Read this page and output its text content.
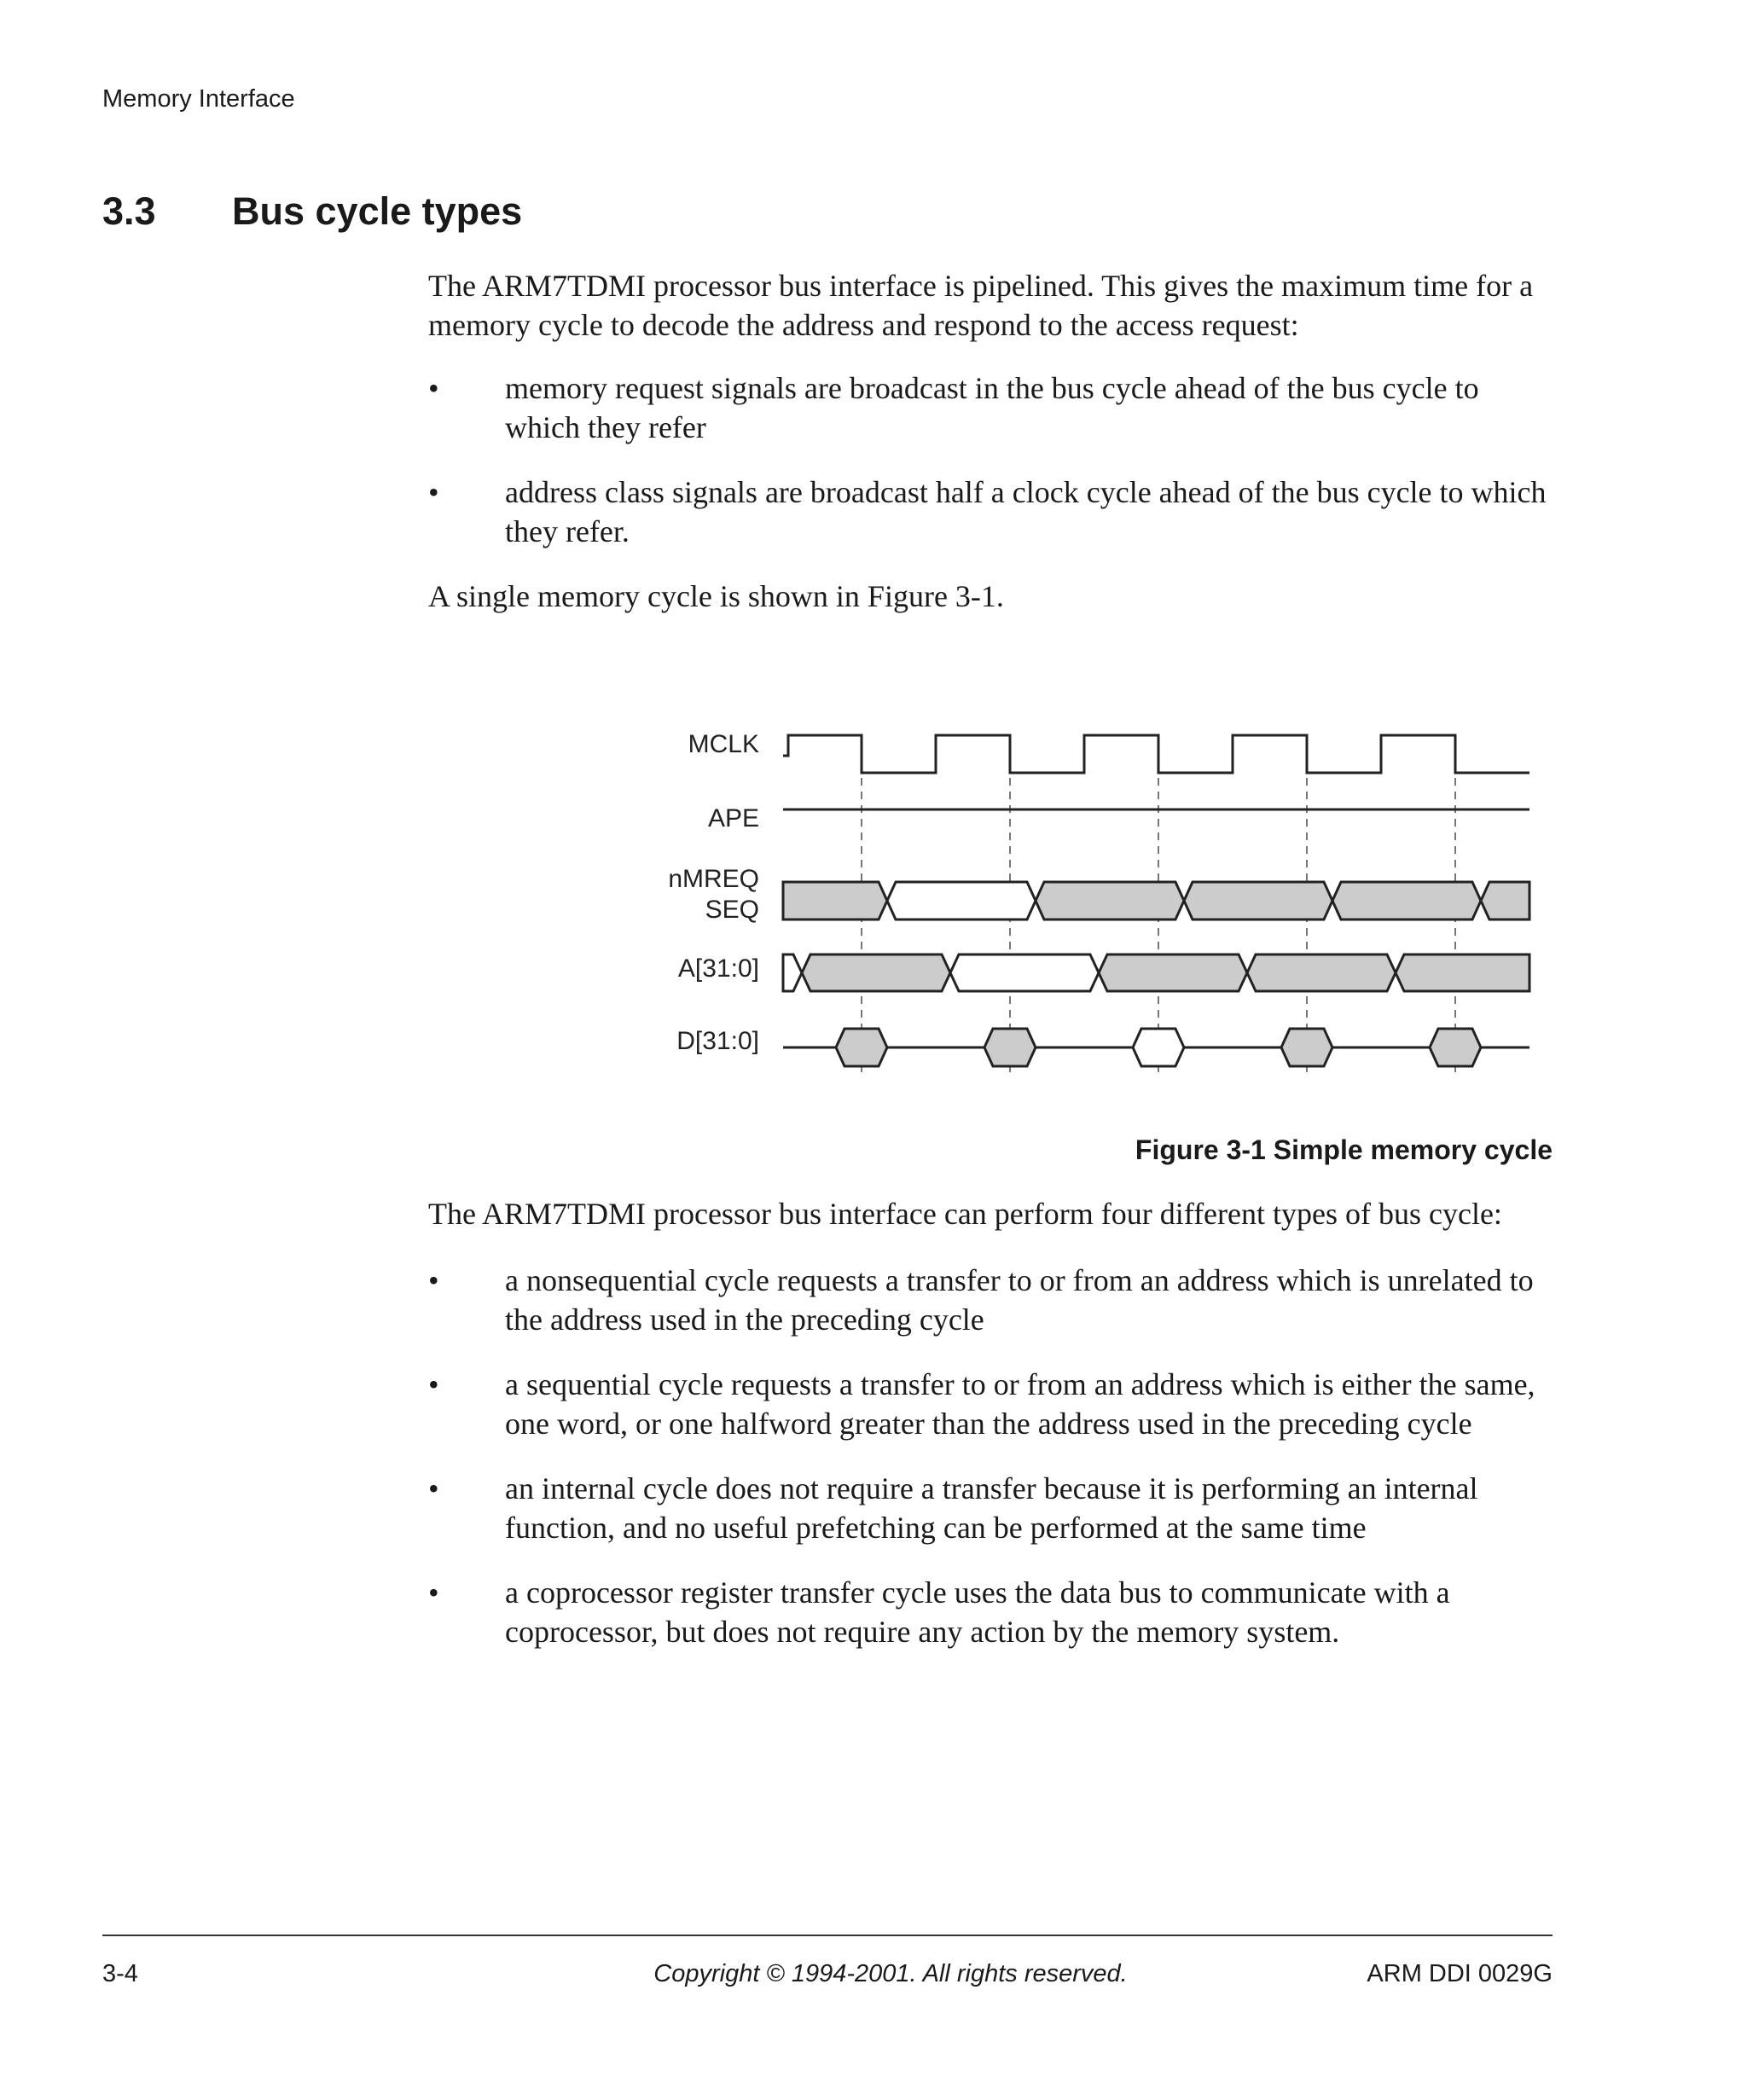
Memory Interface
3.3 Bus cycle types

The ARM7TDMI processor bus interface is pipelined. This gives the maximum time for a memory cycle to decode the address and respond to the access request:

• memory request signals are broadcast in the bus cycle ahead of the bus cycle to which they refer
• address class signals are broadcast half a clock cycle ahead of the bus cycle to which they refer.

A single memory cycle is shown in Figure 3-1.

MCLK
APE
nMREQ
SEQ
A[31:0]
D[31:0]
Figure 3-1 Simple memory cycle

The ARM7TDMI processor bus interface can perform four different types of bus cycle:

• a nonsequential cycle requests a transfer to or from an address which is unrelated to the address used in the preceding cycle
• a sequential cycle requests a transfer to or from an address which is either the same, one word, or one halfword greater than the address used in the preceding cycle
• an internal cycle does not require a transfer because it is performing an internal function, and no useful prefetching can be performed at the same time
• a coprocessor register transfer cycle uses the data bus to communicate with a coprocessor, but does not require any action by the memory system.
3-4	Copyright © 1994-2001. All rights reserved.	ARM DDI 0029G
